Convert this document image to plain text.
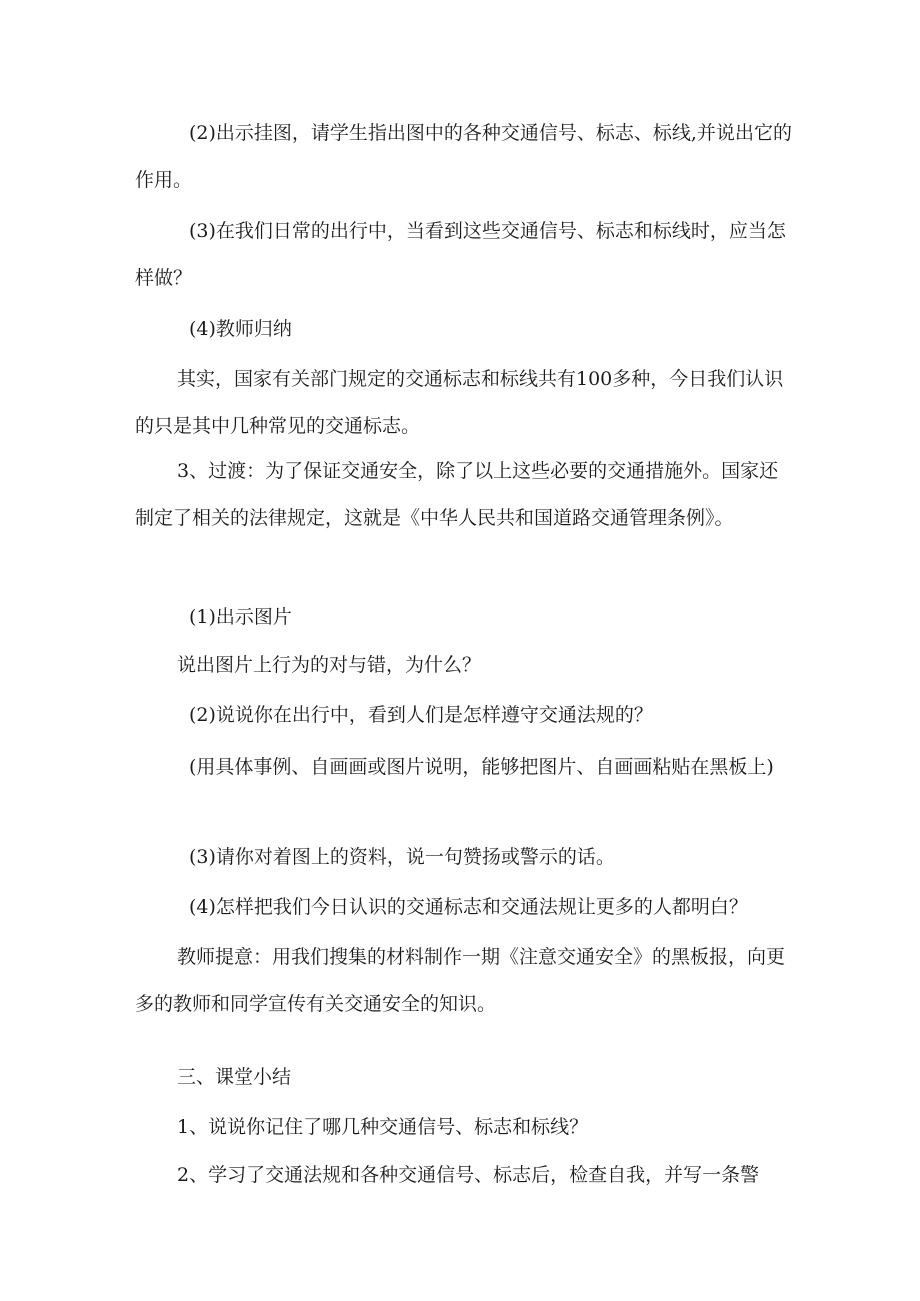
(2)出示挂图，请学生指出图中的各种交通信号、标志、标线,并说出它的作用。

(3)在我们日常的出行中，当看到这些交通信号、标志和标线时，应当怎样做？

(4)教师归纳

其实，国家有关部门规定的交通标志和标线共有100多种，今日我们认识的只是其中几种常见的交通标志。

3、过渡：为了保证交通安全，除了以上这些必要的交通措施外。国家还制定了相关的法律规定，这就是《中华人民共和国道路交通管理条例》。

(1)出示图片

说出图片上行为的对与错，为什么？

(2)说说你在出行中，看到人们是怎样遵守交通法规的？

(用具体事例、自画画或图片说明，能够把图片、自画画粘贴在黑板上)

(3)请你对着图上的资料，说一句赞扬或警示的话。

(4)怎样把我们今日认识的交通标志和交通法规让更多的人都明白？

教师提意：用我们搜集的材料制作一期《注意交通安全》的黑板报，向更多的教师和同学宣传有关交通安全的知识。

三、课堂小结

1、说说你记住了哪几种交通信号、标志和标线？

2、学习了交通法规和各种交通信号、标志后，检查自我，并写一条警
